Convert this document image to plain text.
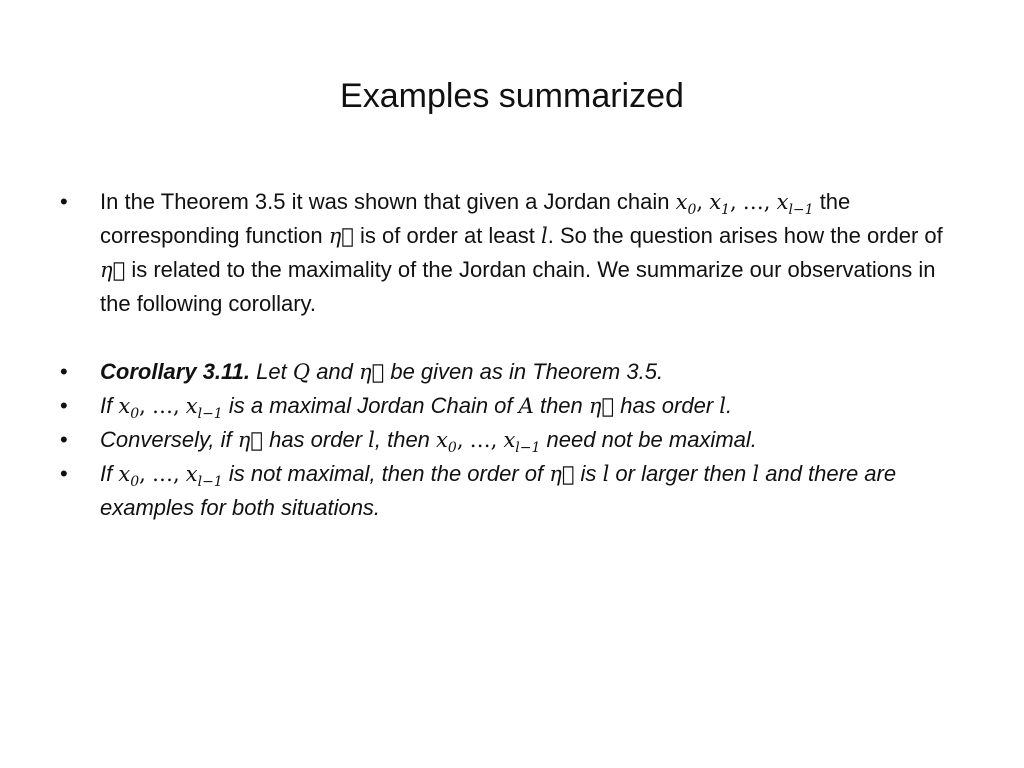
Examples summarized
•	In the Theorem 3.5 it was shown that given a Jordan chain $x_0$, $x_1$, …, $x_{l-1}$ the corresponding function η⃗ is of order at least l. So the question arises how the order of η⃗ is related to the maximality of the Jordan chain. We summarize our observations in the following corollary.
•	Corollary 3.11. Let Q and η⃗ be given as in Theorem 3.5.
•	If $x_0$, …, $x_{l-1}$ is a maximal Jordan Chain of A then η⃗ has order l.
•	Conversely, if η⃗ has order l, then $x_0$, …, $x_{l-1}$ need not be maximal.
•	If $x_0$, …, $x_{l-1}$ is not maximal, then the order of η⃗ is l or larger then l and there are examples for both situations.
